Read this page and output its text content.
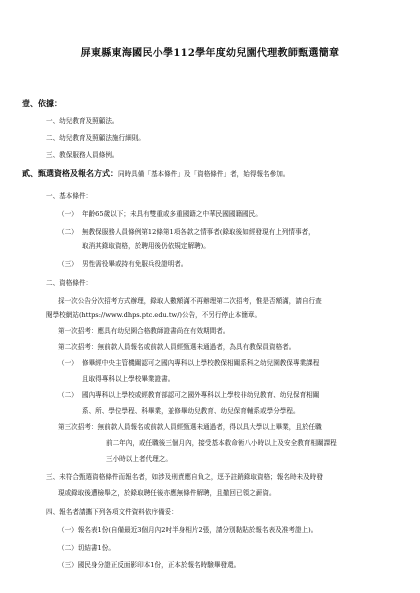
屏東縣東海國民小學112學年度幼兒園代理教師甄選簡章
壹、依據：
一、幼兒教育及照顧法。
二、幼兒教育及照顧法施行細則。
三、教保服務人員條例。
貳、甄選資格及報名方式：同時具備「基本條件」及「資格條件」者，始得報名參加。
一、基本條件：
（一） 年齡65歲以下；未具有雙重或多重國籍之中華民國國籍國民。
（二） 無教保服務人員條例第12條第1項各款之情事者(錄取後如經發現有上列情事者，
取消其錄取資格，於聘用後仍依規定解聘)。
（三） 男性需役畢或持有免服兵役證明者。
二、資格條件：
採一次公告分次招考方式辦理，錄取人數額滿不再辦理第二次招考，惟是否額滿，請自行查
閱學校網站(https://www.dhps.ptc.edu.tw/)公告，不另行停止本簡章。
第一次招考：應具有幼兒園合格教師證書尚在有效期間者。
第二次招考：無前款人員報名或前款人員經甄選未通過者，為具有教保員資格者。
（一） 修畢經中央主管機關認可之國內專科以上學校教保相關系科之幼兒園教保專業課程
且取得專科以上學校畢業證書。
（二） 國內專科以上學校或經教育部認可之國外專科以上學校非幼兒教育、幼兒保育相關
系、所、學位學程、科畢業，並修畢幼兒教育、幼兒保育輔系或學分學程。
第三次招考：無前款人員報名或前款人員經甄選未通過者，得以具大學以上畢業，且於任職
前二年內，或任職後三個月內，接受基本救命術八小時以上及安全教育相關課程
三小時以上者代理之。
三、未符合甄選資格條件而報名者，如涉及刑責應自負之，逕予註銷錄取資格；報名時未及時發
現或錄取後遭檢舉之，於錄取聘任後亦應無條件解聘，且撤回已領之薪資。
四、報名者請攜下列各項文件資料依序備妥：
（一）報名表1份(自備最近3個月內2吋半身相片2張，請分別黏貼於報名表及准考證上)。
（二）切結書1份。
（三）國民身分證正反面影印本1份，正本於報名時驗畢發還。
